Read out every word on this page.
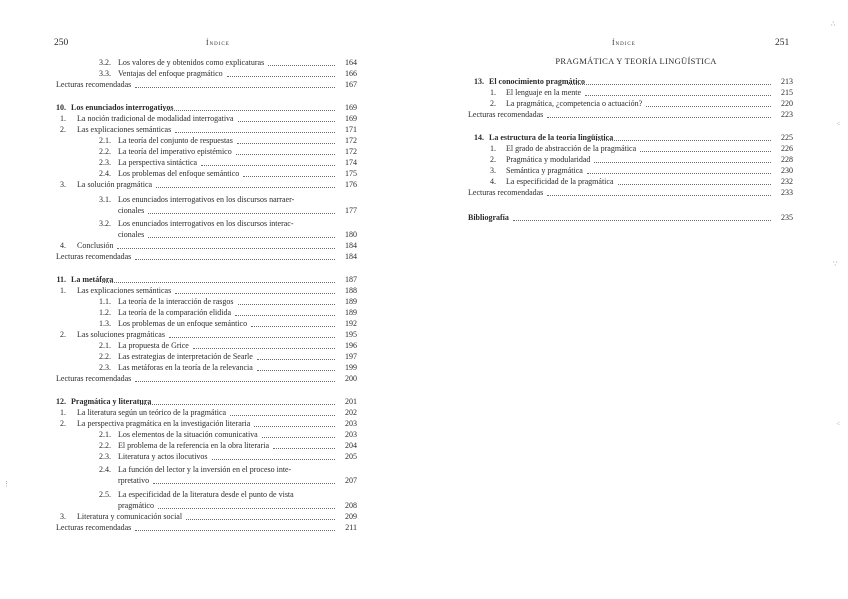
250	Índice
3.2. Los valores de y obtenidos como explicaturas	164
3.3. Ventajas del enfoque pragmático	166
Lecturas recomendadas	167
10. Los enunciados interrogativos	169
1. La noción tradicional de modalidad interrogativa	169
2. Las explicaciones semánticas	171
2.1. La teoría del conjunto de respuestas	172
2.2. La teoría del imperativo epistémico	172
2.3. La perspectiva sintáctica	174
2.4. Los problemas del enfoque semántico	175
3. La solución pragmática	176
3.1. Los enunciados interrogativos en los discursos narraer-
cionales	177
3.2. Los enunciados interrogativos en los discursos interac-
cionales	180
4. Conclusión	184
Lecturas recomendadas	184
11. La metáfora	187
1. Las explicaciones semánticas	188
1.1. La teoría de la interacción de rasgos	189
1.2. La teoría de la comparación elidida	189
1.3. Los problemas de un enfoque semántico	192
2. Las soluciones pragmáticas	195
2.1. La propuesta de Grice	196
2.2. Las estrategias de interpretación de Searle	197
2.3. Las metáforas en la teoría de la relevancia	199
Lecturas recomendadas	200
12. Pragmática y literatura	201
1. La literatura según un teórico de la pragmática	202
2. La perspectiva pragmática en la investigación literaria	203
2.1. Los elementos de la situación comunicativa	203
2.2. El problema de la referencia en la obra literaria	204
2.3. Literatura y actos ilocutivos	205
2.4. La función del lector y la inversión en el proceso inte-
rpretativo	207
2.5. La especificidad de la literatura desde el punto de vista
pragmático	208
3. Literatura y comunicación social	209
Lecturas recomendadas	211
Índice	251
PRAGMÁTICA Y TEORÍA LINGÜÍSTICA
13. El conocimiento pragmático	213
1. El lenguaje en la mente	215
2. La pragmática, ¿competencia o actuación?	220
Lecturas recomendadas	223
14. La estructura de la teoría lingüística	225
1. El grado de abstracción de la pragmática	226
2. Pragmática y modularidad	228
3. Semántica y pragmática	230
4. La especificidad de la pragmática	232
Lecturas recomendadas	233
Bibliografía	235
∴
⁖
∵
⁖
⋮
